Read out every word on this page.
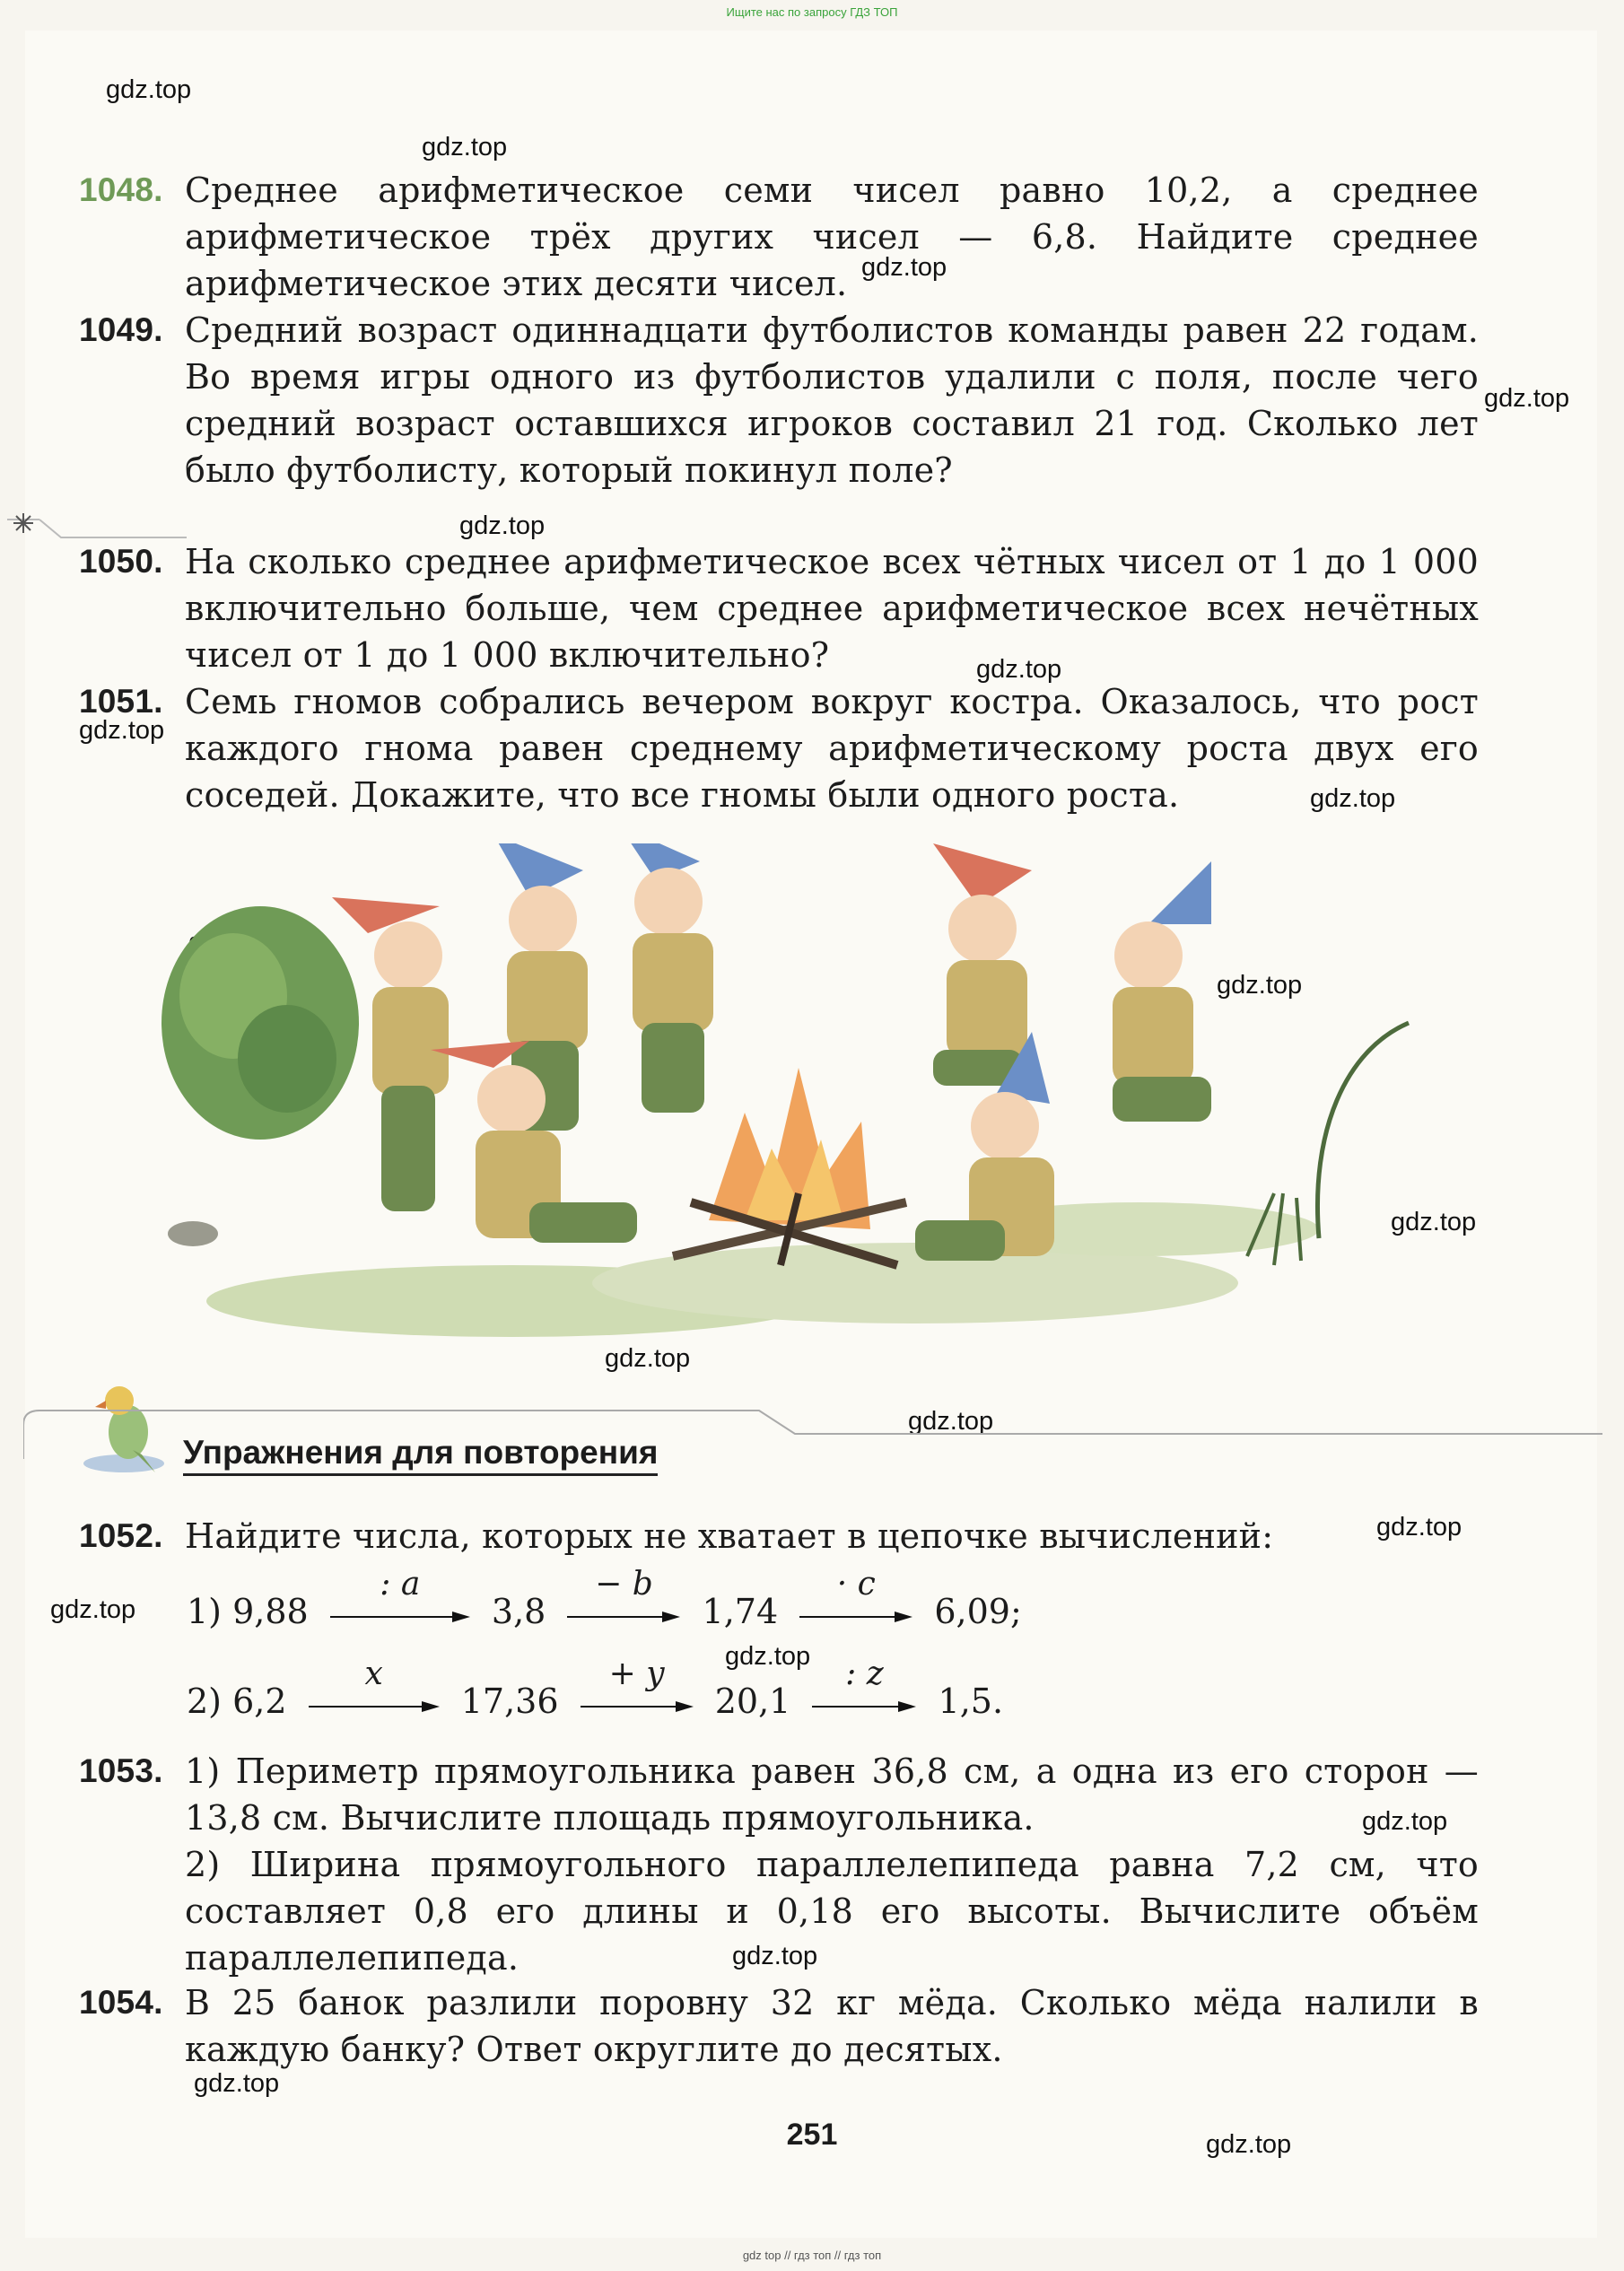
Ищите нас по запросу ГДЗ ТОП
gdz.top
gdz.top
gdz.top
gdz.top
gdz.top
gdz.top
gdz.top
gdz.top
gdz.top
gdz.top
gdz.top
gdz.top
gdz.top
gdz.top
gdz.top
gdz.top
gdz.top
gdz.top
gdz.top
1048. Среднее арифметическое семи чисел равно 10,2, а среднее арифметическое трёх других чисел — 6,8. Найдите среднее арифметическое этих десяти чисел.
1049. Средний возраст одиннадцати футболистов команды равен 22 годам. Во время игры одного из футболистов удалили с поля, после чего средний возраст оставшихся игроков составил 21 год. Сколько лет было футболисту, который покинул поле?
1050. На сколько среднее арифметическое всех чётных чисел от 1 до 1 000 включительно больше, чем среднее арифметическое всех нечётных чисел от 1 до 1 000 включительно?
1051. Семь гномов собрались вечером вокруг костра. Оказалось, что рост каждого гнома равен среднему арифметическому роста двух его соседей. Докажите, что все гномы были одного роста.
Упражнения для повторения
1052. Найдите числа, которых не хватает в цепочке вычислений:
1) 9,88
: a
3,8
− b
1,74
· c
6,09;
2) 6,2
x
17,36
+ y
20,1
: z
1,5.
1053. 1) Периметр прямоугольника равен 36,8 см, а одна из его сторон — 13,8 см. Вычислите площадь прямоугольника.
2) Ширина прямоугольного параллелепипеда равна 7,2 см, что составляет 0,8 его длины и 0,18 его высоты. Вычислите объём параллелепипеда.
1054. В 25 банок разлили поровну 32 кг мёда. Сколько мёда налили в каждую банку? Ответ округлите до десятых.
251
gdz top // гдз топ // гдз топ
